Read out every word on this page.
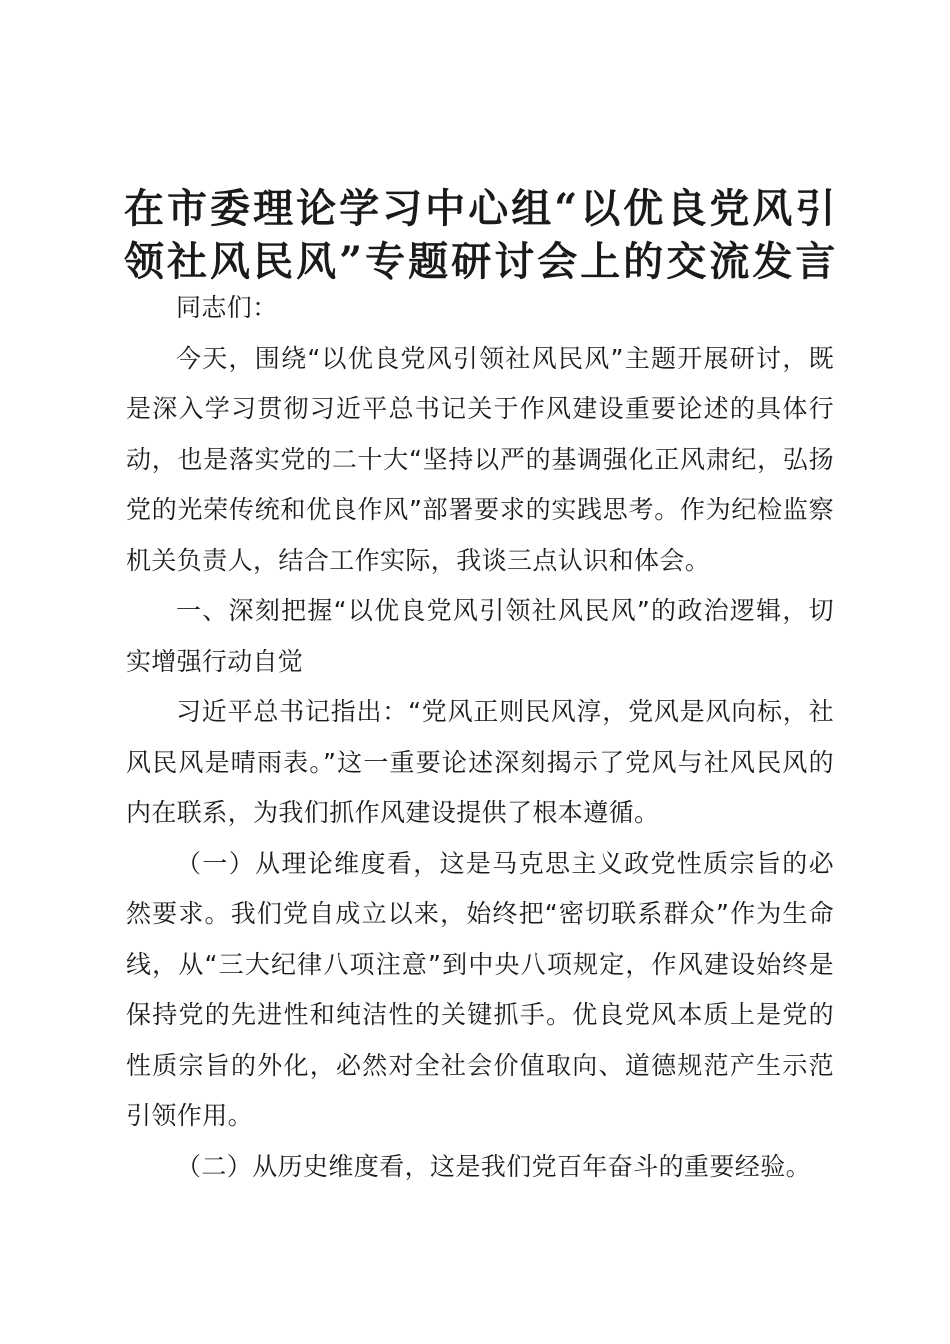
在市委理论学习中心组“以优良党风引
领社风民风”专题研讨会上的交流发言

同志们：

今天，围绕“以优良党风引领社风民风”主题开展研讨，既是深入学习贯彻习近平总书记关于作风建设重要论述的具体行动，也是落实党的二十大“坚持以严的基调强化正风肃纪，弘扬党的光荣传统和优良作风”部署要求的实践思考。作为纪检监察机关负责人，结合工作实际，我谈三点认识和体会。

一、深刻把握“以优良党风引领社风民风”的政治逻辑，切实增强行动自觉

习近平总书记指出：“党风正则民风淳，党风是风向标，社风民风是晴雨表。”这一重要论述深刻揭示了党风与社风民风的内在联系，为我们抓作风建设提供了根本遵循。

（一）从理论维度看，这是马克思主义政党性质宗旨的必然要求。我们党自成立以来，始终把“密切联系群众”作为生命线，从“三大纪律八项注意”到中央八项规定，作风建设始终是保持党的先进性和纯洁性的关键抓手。优良党风本质上是党的性质宗旨的外化，必然对全社会价值取向、道德规范产生示范引领作用。

（二）从历史维度看，这是我们党百年奋斗的重要经验。
